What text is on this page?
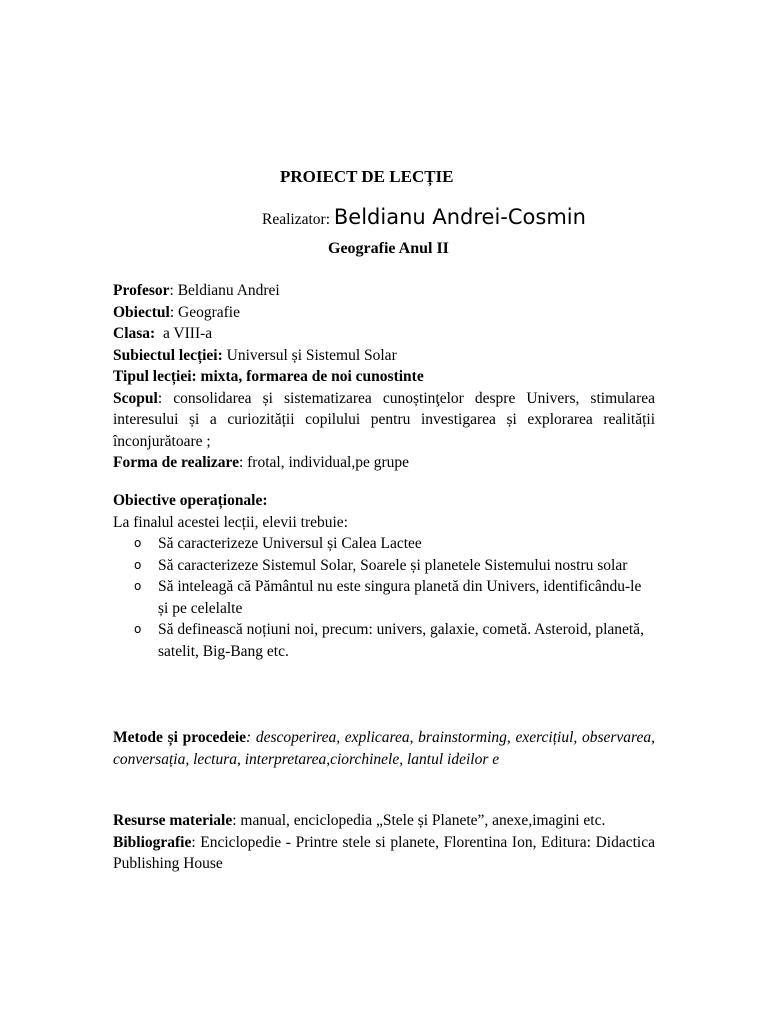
PROIECT DE LECȚIE
Realizator: Beldianu Andrei-Cosmin
Geografie Anul II
Profesor: Beldianu Andrei
Obiectul: Geografie
Clasa:  a VIII-a
Subiectul lecției: Universul și Sistemul Solar
Tipul lecției: mixta, formarea de noi cunostinte
Scopul: consolidarea și sistematizarea cunoștinţelor despre Univers, stimularea interesului și a curiozității copilului pentru investigarea și explorarea realității înconjurătoare ;
Forma de realizare: frotal, individual,pe grupe
Obiective operaționale:
La finalul acestei lecții, elevii trebuie:
o Să caracterizeze Universul și Calea Lactee
o Să caracterizeze Sistemul Solar, Soarele și planetele Sistemului nostru solar
o Să inteleagă că Pământul nu este singura planetă din Univers, identificându-le și pe celelalte
o Să definească noțiuni noi, precum: univers, galaxie, cometă. Asteroid, planetă, satelit, Big-Bang etc.
Metode și procedeie: descoperirea, explicarea, brainstorming, exercițiul, observarea, conversația, lectura, interpretarea,ciorchinele, lantul ideilor e
Resurse materiale: manual, enciclopedia „Stele și Planete”, anexe,imagini etc.
Bibliografie: Enciclopedie - Printre stele si planete, Florentina Ion, Editura: Didactica Publishing House
